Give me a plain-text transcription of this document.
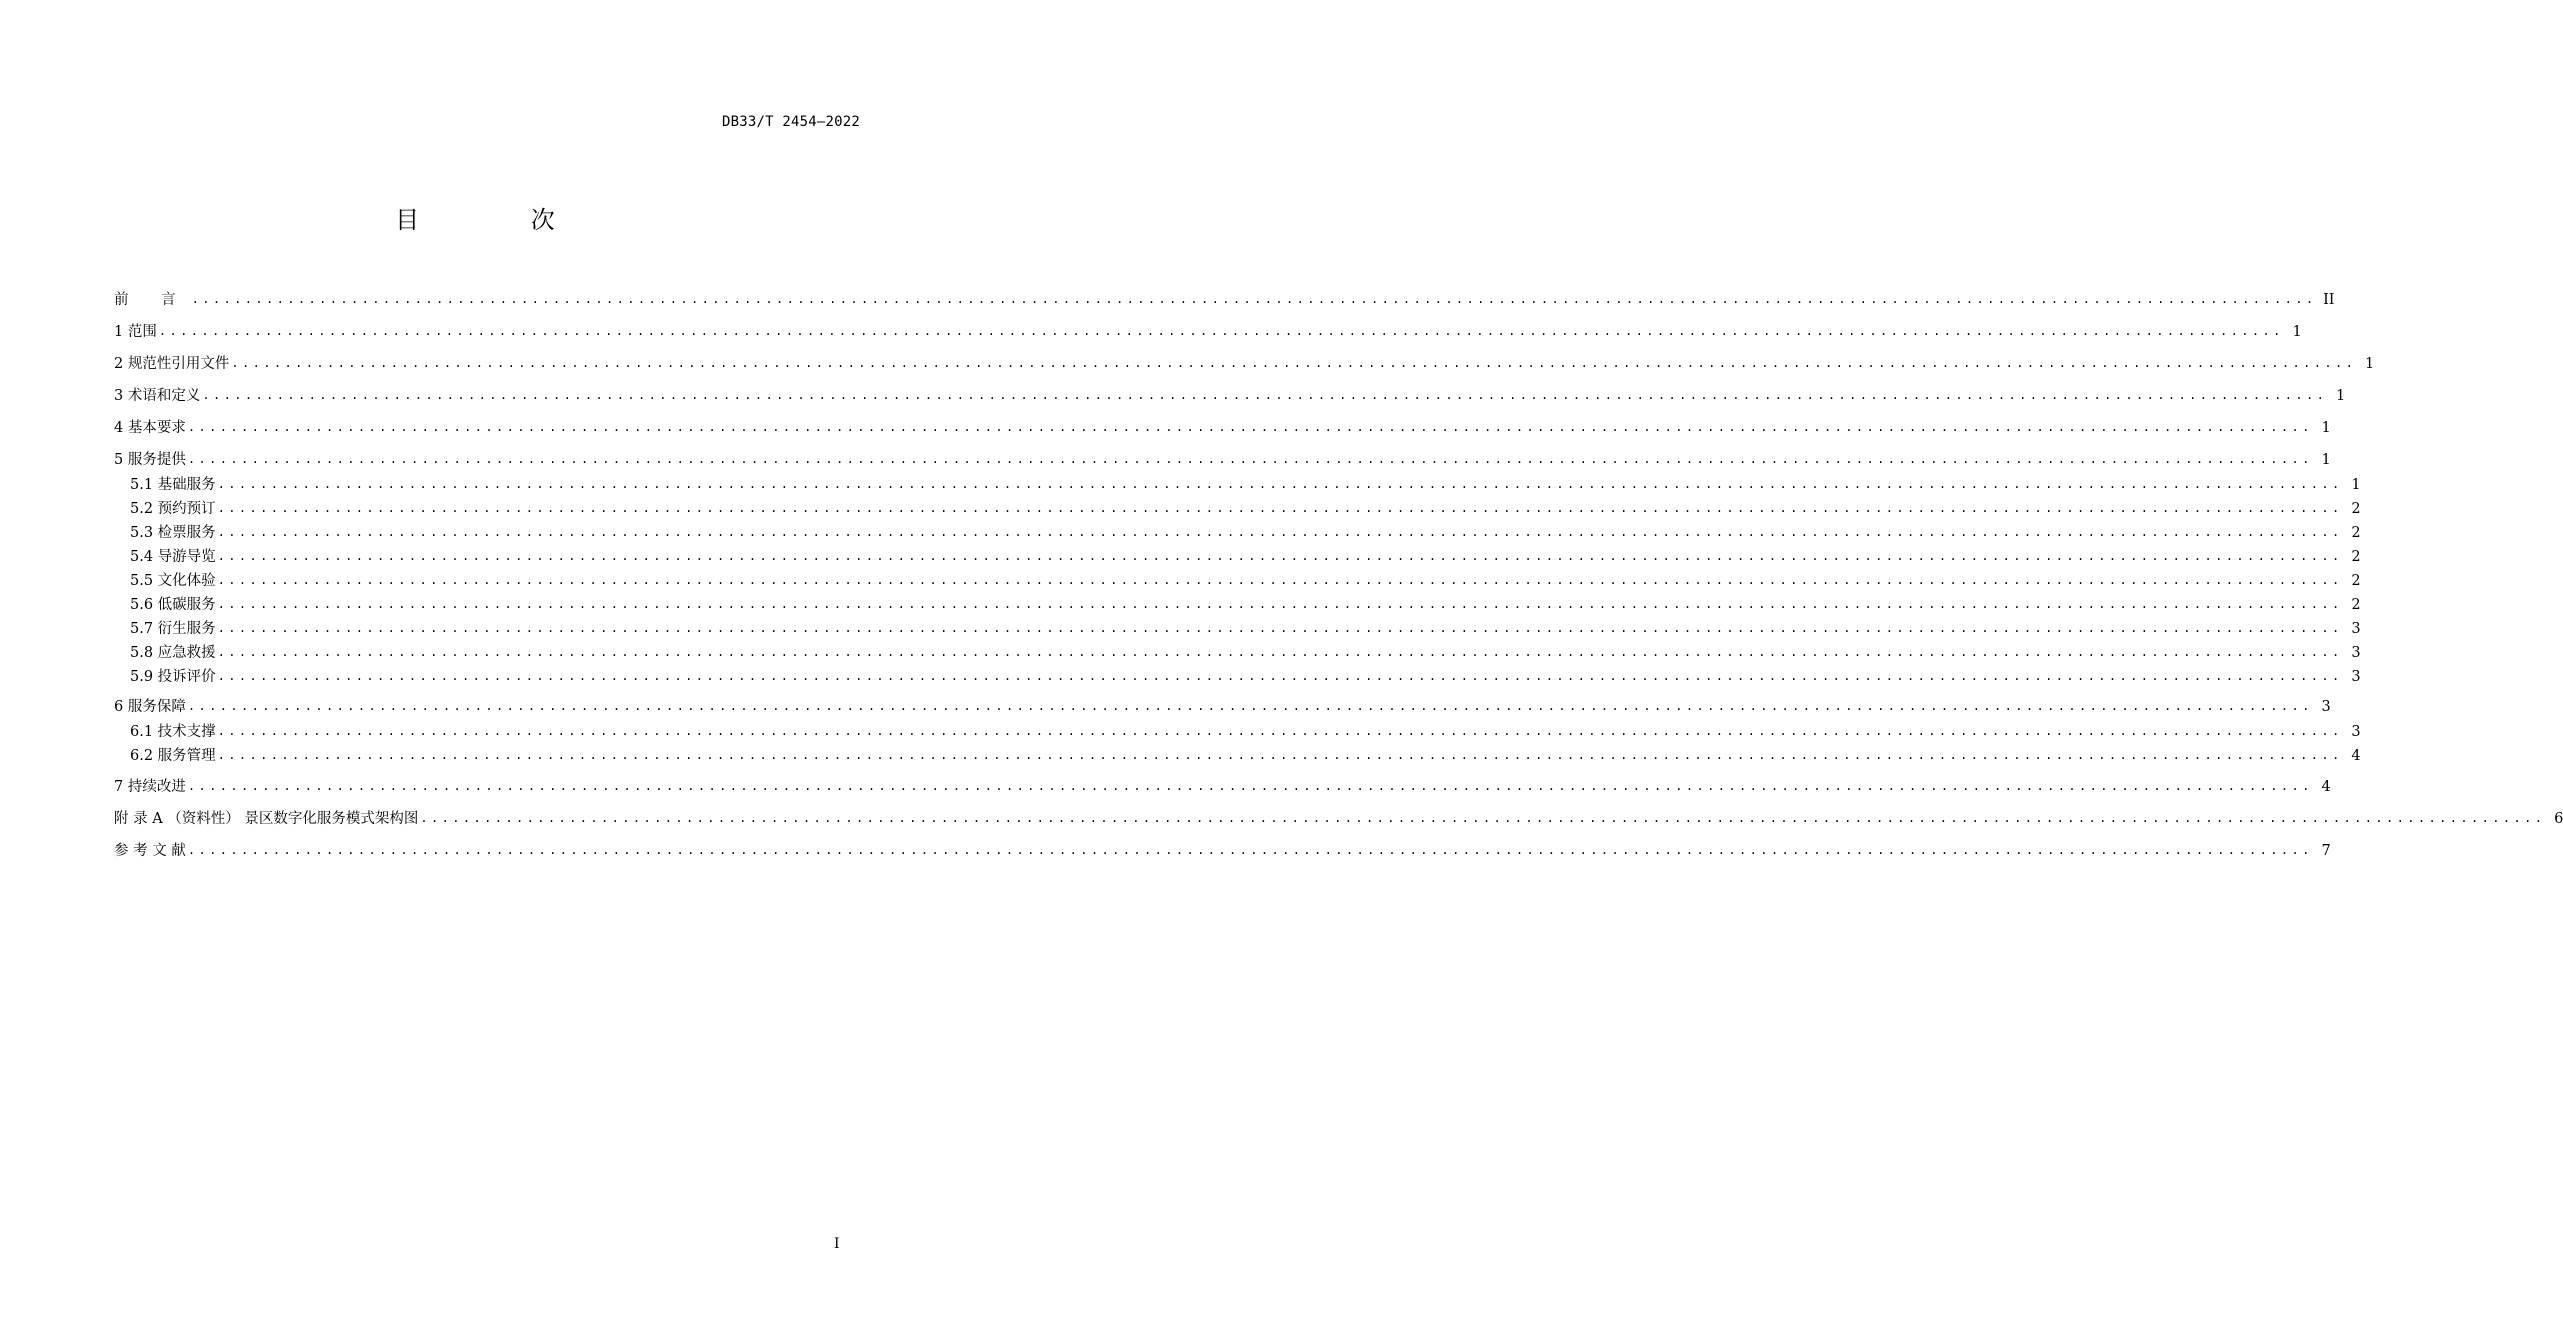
DB33/T 2454—2022
目 次
前 言 ........................................................................................................................................................................................................ II
1 范围 ........................................................................................................................................................................................................ 1
2 规范性引用文件 ........................................................................................................................................................................................................ 1
3 术语和定义 ........................................................................................................................................................................................................ 1
4 基本要求 ........................................................................................................................................................................................................ 1
5 服务提供 ........................................................................................................................................................................................................ 1
5.1 基础服务 ........................................................................................................................................................................................................ 1
5.2 预约预订 ........................................................................................................................................................................................................ 2
5.3 检票服务 ........................................................................................................................................................................................................ 2
5.4 导游导览 ........................................................................................................................................................................................................ 2
5.5 文化体验 ........................................................................................................................................................................................................ 2
5.6 低碳服务 ........................................................................................................................................................................................................ 2
5.7 衍生服务 ........................................................................................................................................................................................................ 3
5.8 应急救援 ........................................................................................................................................................................................................ 3
5.9 投诉评价 ........................................................................................................................................................................................................ 3
6 服务保障 ........................................................................................................................................................................................................ 3
6.1 技术支撑 ........................................................................................................................................................................................................ 3
6.2 服务管理 ........................................................................................................................................................................................................ 4
7 持续改进 ........................................................................................................................................................................................................ 4
附 录 A （资料性） 景区数字化服务模式架构图 ........................................................................................................................................................................................................ 6
参 考 文 献 ........................................................................................................................................................................................................ 7
I
